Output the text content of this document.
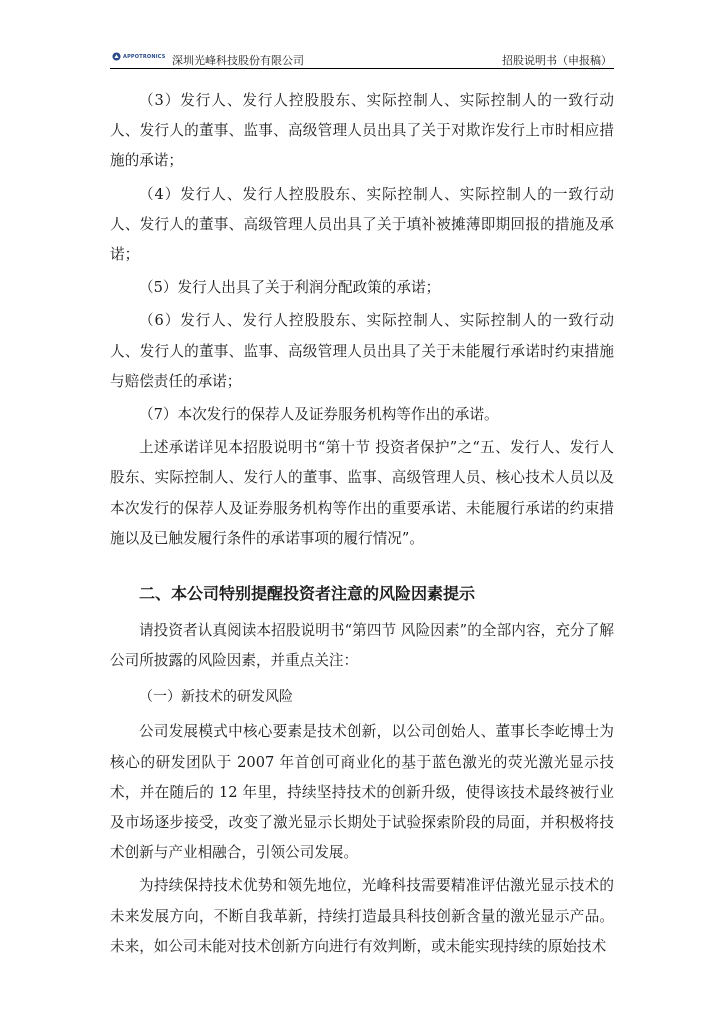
APPOTRONICS 深圳光峰科技股份有限公司	招股说明书（申报稿）

（3）发行人、发行人控股股东、实际控制人、实际控制人的一致行动人、发行人的董事、监事、高级管理人员出具了关于对欺诈发行上市时相应措施的承诺；

（4）发行人、发行人控股股东、实际控制人、实际控制人的一致行动人、发行人的董事、高级管理人员出具了关于填补被摊薄即期回报的措施及承诺；

（5）发行人出具了关于利润分配政策的承诺；

（6）发行人、发行人控股股东、实际控制人、实际控制人的一致行动人、发行人的董事、监事、高级管理人员出具了关于未能履行承诺时约束措施与赔偿责任的承诺；

（7）本次发行的保荐人及证券服务机构等作出的承诺。

上述承诺详见本招股说明书“第十节 投资者保护”之“五、发行人、发行人股东、实际控制人、发行人的董事、监事、高级管理人员、核心技术人员以及本次发行的保荐人及证券服务机构等作出的重要承诺、未能履行承诺的约束措施以及已触发履行条件的承诺事项的履行情况”。

二、本公司特别提醒投资者注意的风险因素提示

请投资者认真阅读本招股说明书“第四节 风险因素”的全部内容，充分了解公司所披露的风险因素，并重点关注：

（一）新技术的研发风险

公司发展模式中核心要素是技术创新，以公司创始人、董事长李屹博士为核心的研发团队于 2007 年首创可商业化的基于蓝色激光的荧光激光显示技术，并在随后的 12 年里，持续坚持技术的创新升级，使得该技术最终被行业及市场逐步接受，改变了激光显示长期处于试验探索阶段的局面，并积极将技术创新与产业相融合，引领公司发展。

为持续保持技术优势和领先地位，光峰科技需要精准评估激光显示技术的未来发展方向，不断自我革新，持续打造最具科技创新含量的激光显示产品。未来，如公司未能对技术创新方向进行有效判断，或未能实现持续的原始技术
